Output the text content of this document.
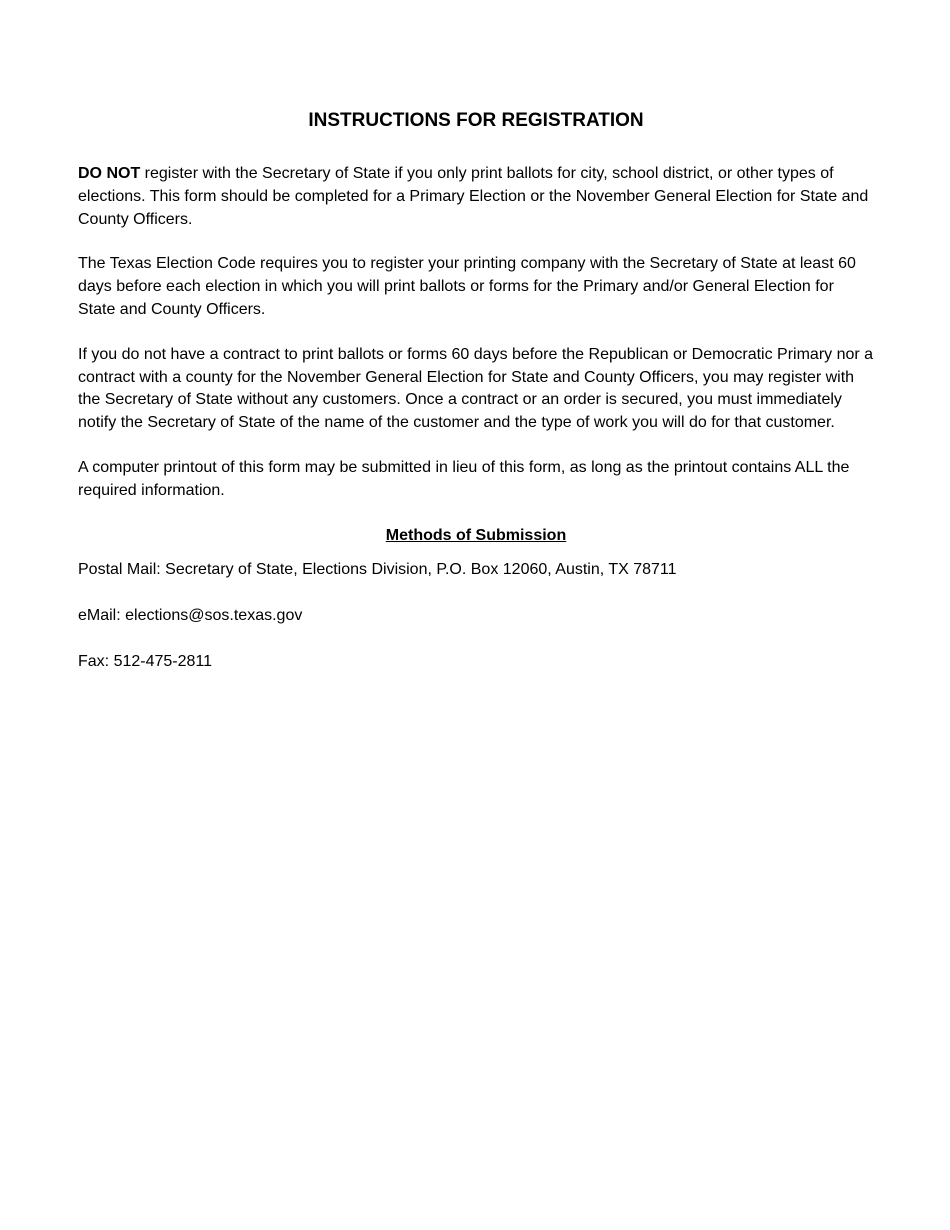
INSTRUCTIONS FOR REGISTRATION
DO NOT register with the Secretary of State if you only print ballots for city, school district, or other types of elections. This form should be completed for a Primary Election or the November General Election for State and County Officers.
The Texas Election Code requires you to register your printing company with the Secretary of State at least 60 days before each election in which you will print ballots or forms for the Primary and/or General Election for State and County Officers.
If you do not have a contract to print ballots or forms 60 days before the Republican or Democratic Primary nor a contract with a county for the November General Election for State and County Officers, you may register with the Secretary of State without any customers. Once a contract or an order is secured, you must immediately notify the Secretary of State of the name of the customer and the type of work you will do for that customer.
A computer printout of this form may be submitted in lieu of this form, as long as the printout contains ALL the required information.
Methods of Submission
Postal Mail: Secretary of State, Elections Division, P.O. Box 12060, Austin, TX 78711
eMail: elections@sos.texas.gov
Fax: 512-475-2811
